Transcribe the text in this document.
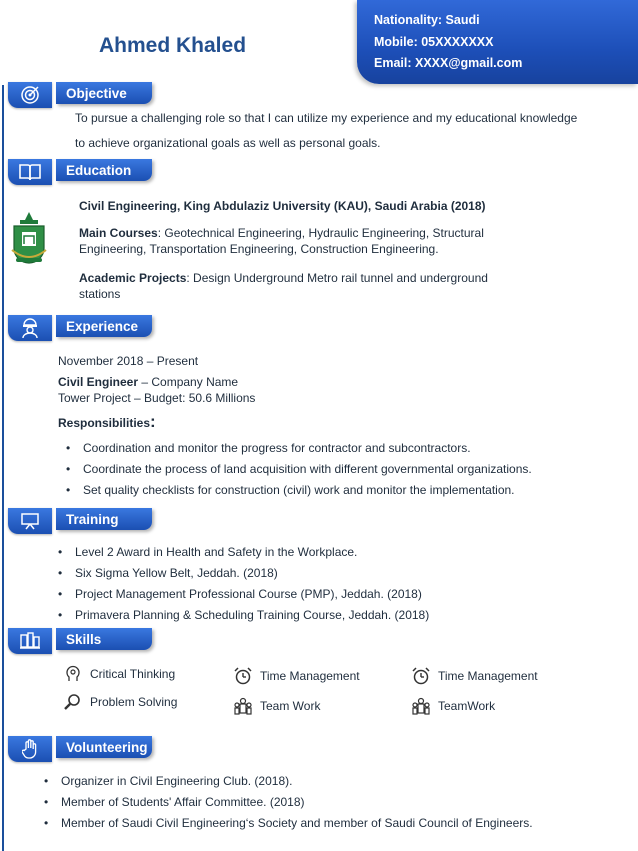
Ahmed Khaled
Nationality: Saudi
Mobile: 05XXXXXXX
Email: XXXX@gmail.com
Objective
To pursue a challenging role so that I can utilize my experience and my educational knowledge
to achieve organizational goals as well as personal goals.
Education
Civil Engineering, King Abdulaziz University (KAU), Saudi Arabia (2018)
Main Courses: Geotechnical Engineering, Hydraulic Engineering, Structural
Engineering, Transportation Engineering, Construction Engineering.
Academic Projects: Design Underground Metro rail tunnel and underground
stations
Experience
November 2018 – Present
Civil Engineer – Company Name
Tower Project – Budget: 50.6 Millions
Responsibilities:
• Coordination and monitor the progress for contractor and subcontractors.
• Coordinate the process of land acquisition with different governmental organizations.
• Set quality checklists for construction (civil) work and monitor the implementation.
Training
• Level 2 Award in Health and Safety in the Workplace.
• Six Sigma Yellow Belt, Jeddah. (2018)
• Project Management Professional Course (PMP), Jeddah. (2018)
• Primavera Planning & Scheduling Training Course, Jeddah. (2018)
Skills
Critical Thinking
Problem Solving
Time Management
Team Work
Time Management
TeamWork
Volunteering
• Organizer in Civil Engineering Club. (2018).
• Member of Students' Affair Committee. (2018)
• Member of Saudi Civil Engineering‘s Society and member of Saudi Council of Engineers.
